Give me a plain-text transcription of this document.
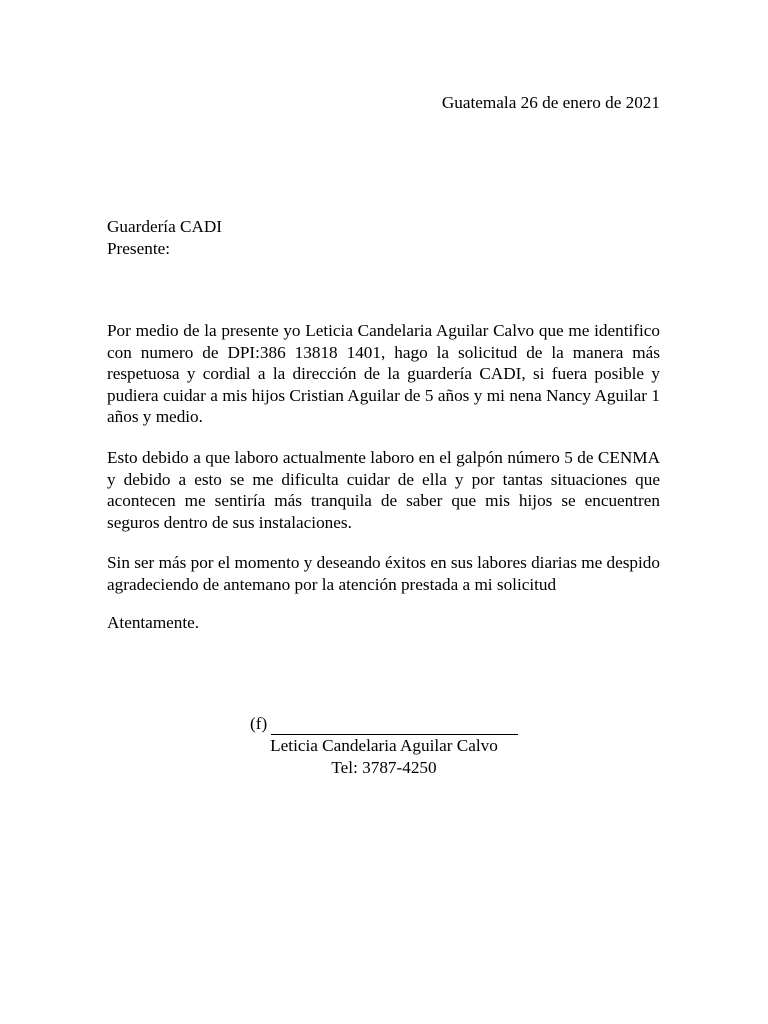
Guatemala 26 de enero de 2021
Guardería CADI
Presente:

Por medio de la presente yo Leticia Candelaria Aguilar Calvo que me identifico con numero de DPI:386 13818 1401, hago la solicitud de la manera más respetuosa y cordial a la dirección de la guardería CADI, si fuera posible y pudiera cuidar a mis hijos Cristian Aguilar de 5 años y mi nena Nancy Aguilar 1 años y medio.

Esto debido a que laboro actualmente laboro en el galpón número 5 de CENMA y debido a esto se me dificulta cuidar de ella y por tantas situaciones que acontecen me sentiría más tranquila de saber que mis hijos se encuentren seguros dentro de sus instalaciones.

Sin ser más por el momento y deseando éxitos en sus labores diarias me despido agradeciendo de antemano por la atención prestada a mi solicitud

Atentamente.
(f)
Leticia Candelaria Aguilar Calvo
Tel: 3787-4250
